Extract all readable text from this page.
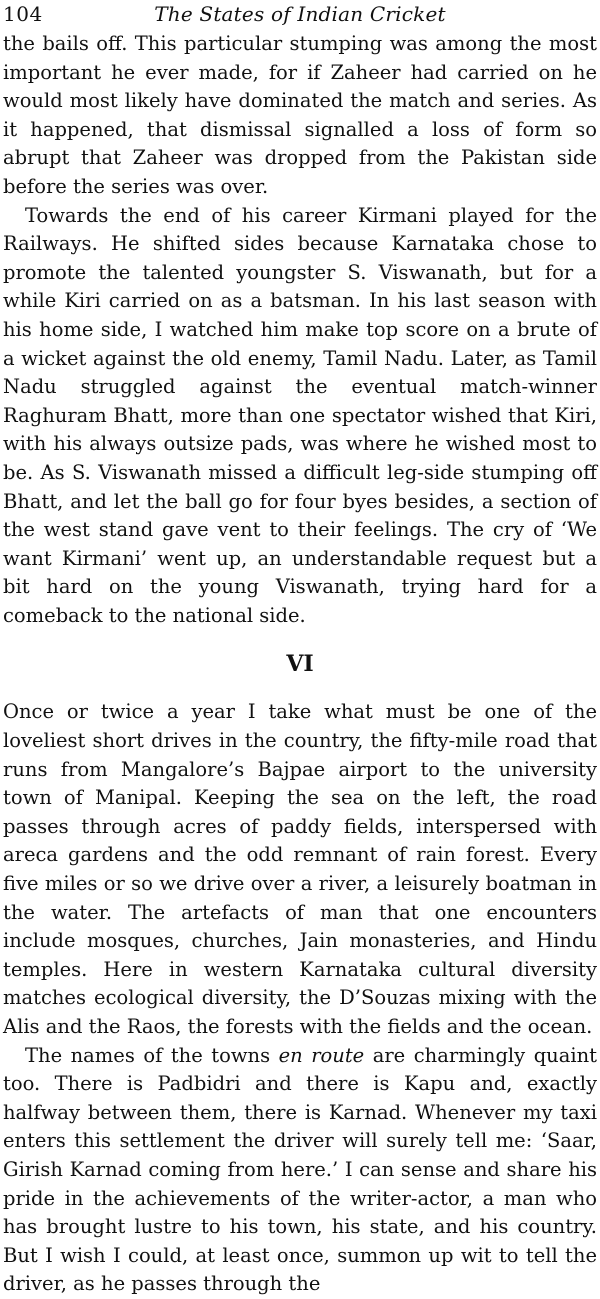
104	The States of Indian Cricket

the bails off. This particular stumping was among the most important he ever made, for if Zaheer had carried on he would most likely have dominated the match and series. As it happened, that dismissal signalled a loss of form so abrupt that Zaheer was dropped from the Pakistan side before the series was over.

Towards the end of his career Kirmani played for the Railways. He shifted sides because Karnataka chose to promote the talented youngster S. Viswanath, but for a while Kiri carried on as a batsman. In his last season with his home side, I watched him make top score on a brute of a wicket against the old enemy, Tamil Nadu. Later, as Tamil Nadu struggled against the eventual match-winner Raghuram Bhatt, more than one spectator wished that Kiri, with his always outsize pads, was where he wished most to be. As S. Viswanath missed a difficult leg-side stumping off Bhatt, and let the ball go for four byes besides, a section of the west stand gave vent to their feelings. The cry of ‘We want Kirmani’ went up, an understandable request but a bit hard on the young Viswanath, trying hard for a comeback to the national side.

VI

Once or twice a year I take what must be one of the loveliest short drives in the country, the fifty-mile road that runs from Mangalore’s Bajpae airport to the university town of Manipal. Keeping the sea on the left, the road passes through acres of paddy fields, interspersed with areca gardens and the odd remnant of rain forest. Every five miles or so we drive over a river, a leisurely boatman in the water. The artefacts of man that one encounters include mosques, churches, Jain monasteries, and Hindu temples. Here in western Karnataka cultural diversity matches ecological diversity, the D’Souzas mixing with the Alis and the Raos, the forests with the fields and the ocean.

The names of the towns en route are charmingly quaint too. There is Padbidri and there is Kapu and, exactly halfway between them, there is Karnad. Whenever my taxi enters this settlement the driver will surely tell me: ‘Saar, Girish Karnad coming from here.’ I can sense and share his pride in the achievements of the writer-actor, a man who has brought lustre to his town, his state, and his country. But I wish I could, at least once, summon up wit to tell the driver, as he passes through the
